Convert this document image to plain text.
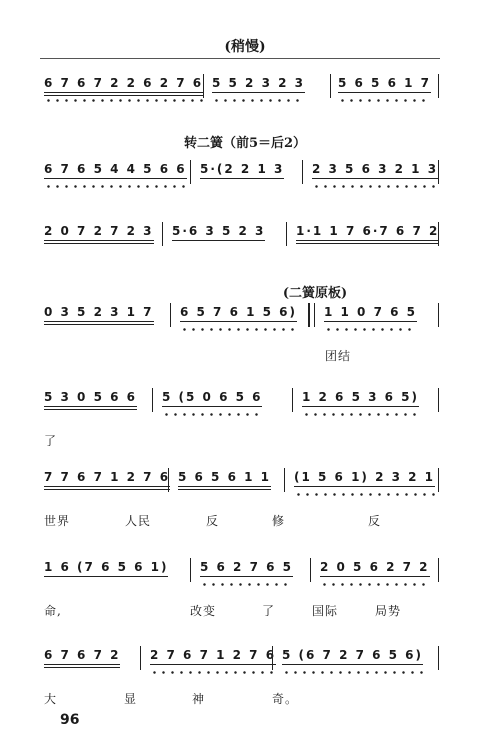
(稍慢)
转二簧（前5＝后2）
(二簧原板)
6 7 6 7 2 2 6 2 7 6 5 5 2 3 2 3	5 6 5 6 1 7
6 7 6 5 4 4 5 6 6 5·(2 2 1 3 2 3 5 6 3 2 1 3
2 0 7 2 7 2 3 5·6 3 5 2 3	1·1 1 7 6·7 6 7 2
0 3 5 2 3 1 7 6 5 7 6 1 5 6) 1 1 0 7 6 5
团结
5 3 0 5 6 6 5 (5 0 6 5 6	1 2 6 5 3 6 5)
了
7 7 6 7 1 2 7 6 5 6 5 6 1 1 (1 5 6 1) 2 3 2 1
世界	人民	反	修	反
1 6 (7 6 5 6 1)	5 6 2 7 6 5 2 0 5 6 2 7 2
命,	改变	了	国际	局势
6 7 6 7 2 2 7 6 7 1 2 7 6 5 (6 7 2 7 6 5 6)
大	显	神	奇。
96
